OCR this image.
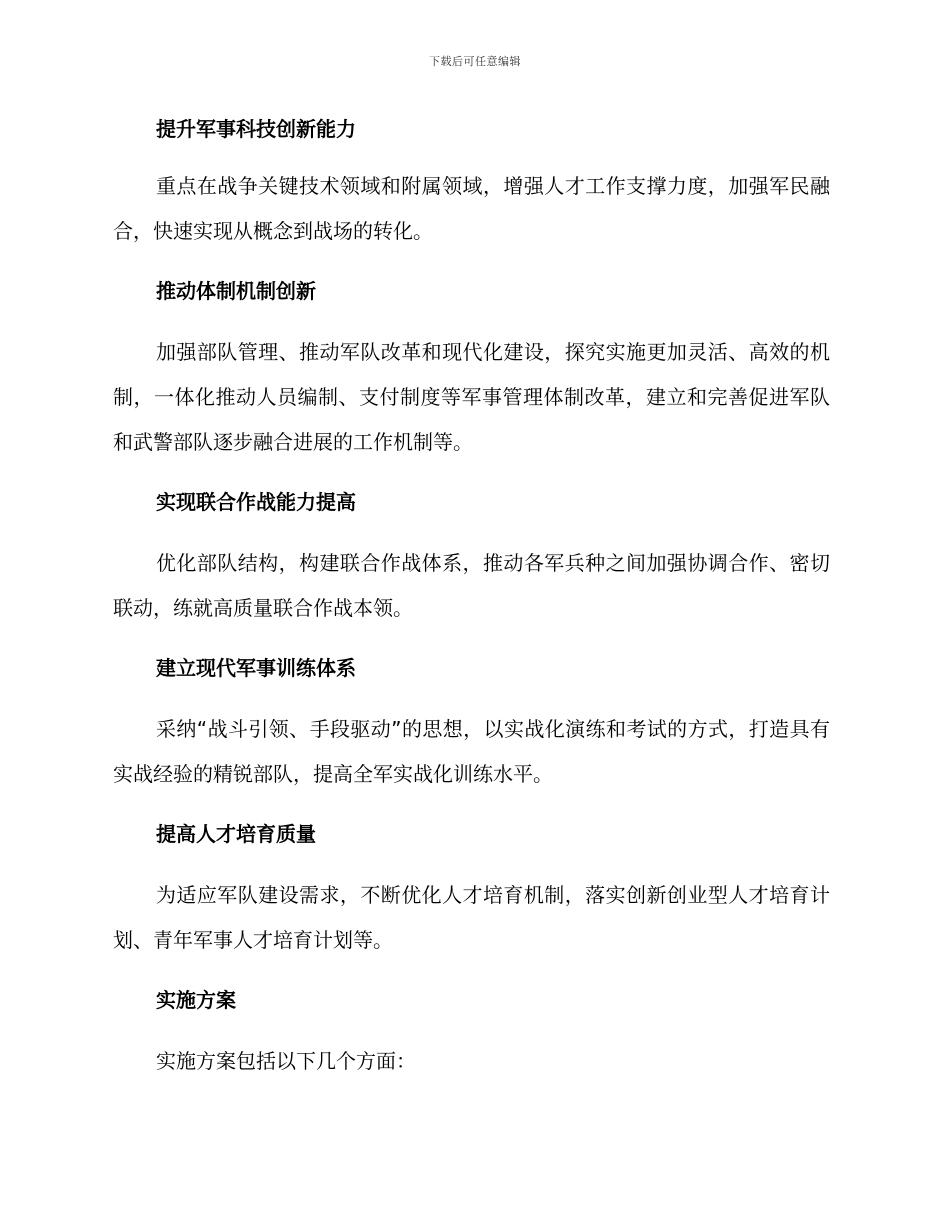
下载后可任意编辑
提升军事科技创新能力

重点在战争关键技术领域和附属领域，增强人才工作支撑力度，加强军民融合，快速实现从概念到战场的转化。

推动体制机制创新

加强部队管理、推动军队改革和现代化建设，探究实施更加灵活、高效的机制，一体化推动人员编制、支付制度等军事管理体制改革，建立和完善促进军队和武警部队逐步融合进展的工作机制等。

实现联合作战能力提高

优化部队结构，构建联合作战体系，推动各军兵种之间加强协调合作、密切联动，练就高质量联合作战本领。

建立现代军事训练体系

采纳“战斗引领、手段驱动”的思想，以实战化演练和考试的方式，打造具有实战经验的精锐部队，提高全军实战化训练水平。

提高人才培育质量

为适应军队建设需求，不断优化人才培育机制，落实创新创业型人才培育计划、青年军事人才培育计划等。

实施方案

实施方案包括以下几个方面：
